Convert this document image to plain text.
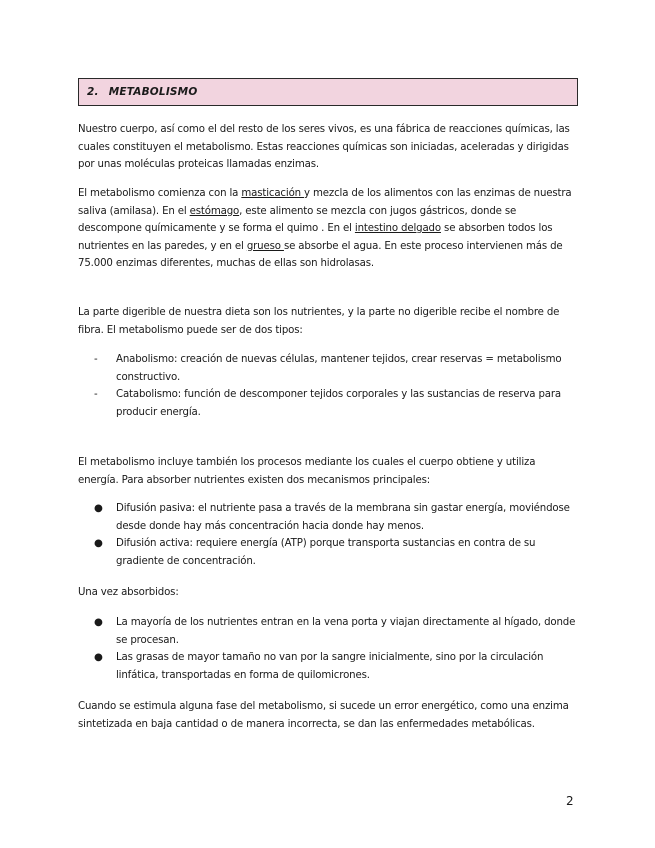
2. METABOLISMO

Nuestro cuerpo, así como el del resto de los seres vivos, es una fábrica de reacciones químicas, las cuales constituyen el metabolismo. Estas reacciones químicas son iniciadas, aceleradas y dirigidas por unas moléculas proteicas llamadas enzimas.

El metabolismo comienza con la masticación y mezcla de los alimentos con las enzimas de nuestra saliva (amilasa). En el estómago, este alimento se mezcla con jugos gástricos, donde se descompone químicamente y se forma el quimo . En el intestino delgado se absorben todos los nutrientes en las paredes, y en el grueso se absorbe el agua. En este proceso intervienen más de 75.000 enzimas diferentes, muchas de ellas son hidrolasas.

La parte digerible de nuestra dieta son los nutrientes, y la parte no digerible recibe el nombre de fibra. El metabolismo puede ser de dos tipos:

- Anabolismo: creación de nuevas células, mantener tejidos, crear reservas = metabolismo constructivo.
- Catabolismo: función de descomponer tejidos corporales y las sustancias de reserva para producir energía.

El metabolismo incluye también los procesos mediante los cuales el cuerpo obtiene y utiliza energía. Para absorber nutrientes existen dos mecanismos principales:

● Difusión pasiva: el nutriente pasa a través de la membrana sin gastar energía, moviéndose desde donde hay más concentración hacia donde hay menos.
● Difusión activa: requiere energía (ATP) porque transporta sustancias en contra de su gradiente de concentración.

Una vez absorbidos:

● La mayoría de los nutrientes entran en la vena porta y viajan directamente al hígado, donde se procesan.
● Las grasas de mayor tamaño no van por la sangre inicialmente, sino por la circulación linfática, transportadas en forma de quilomicrones.

Cuando se estimula alguna fase del metabolismo, si sucede un error energético, como una enzima sintetizada en baja cantidad o de manera incorrecta, se dan las enfermedades metabólicas.

2
